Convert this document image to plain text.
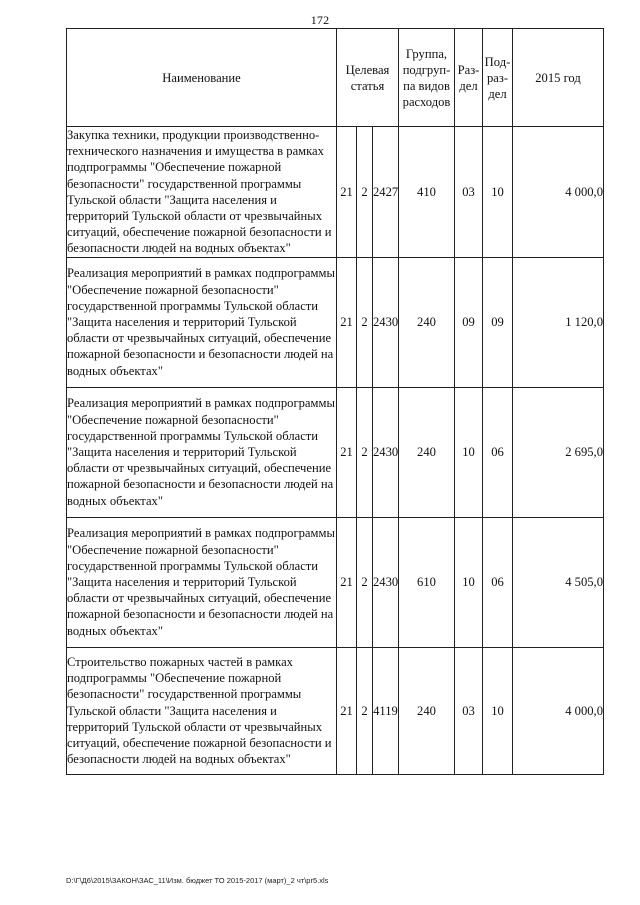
172
Наименование	Целевая статья			Группа, подгруп-па видов расходов	Раз-дел	Под-раз-дел	2015 год
Закупка техники, продукции производственно-технического назначения и имущества в рамках подпрограммы "Обеспечение пожарной безопасности" государственной программы Тульской области "Защита населения и территорий Тульской области от чрезвычайных ситуаций, обеспечение пожарной безопасности и безопасности людей на водных объектах"	21	2	2427	410	03	10	4 000,0
Реализация мероприятий в рамках подпрограммы "Обеспечение пожарной безопасности" государственной программы Тульской области "Защита населения и территорий Тульской области от чрезвычайных ситуаций, обеспечение пожарной безопасности и безопасности людей на водных объектах"	21	2	2430	240	09	09	1 120,0
Реализация мероприятий в рамках подпрограммы "Обеспечение пожарной безопасности" государственной программы Тульской области "Защита населения и территорий Тульской области от чрезвычайных ситуаций, обеспечение пожарной безопасности и безопасности людей на водных объектах"	21	2	2430	240	10	06	2 695,0
Реализация мероприятий в рамках подпрограммы "Обеспечение пожарной безопасности" государственной программы Тульской области "Защита населения и территорий Тульской области от чрезвычайных ситуаций, обеспечение пожарной безопасности и безопасности людей на водных объектах"	21	2	2430	610	10	06	4 505,0
Строительство пожарных частей в рамках подпрограммы "Обеспечение пожарной безопасности" государственной программы Тульской области "Защита населения и территорий Тульской области от чрезвычайных ситуаций, обеспечение пожарной безопасности и безопасности людей на водных объектах"	21	2	4119	240	03	10	4 000,0
D:\Г\Д6\2015\ЗАКОН\ЗАС_11\Изм. бюджет ТО 2015-2017 (март)_2 чт\pr5.xls
